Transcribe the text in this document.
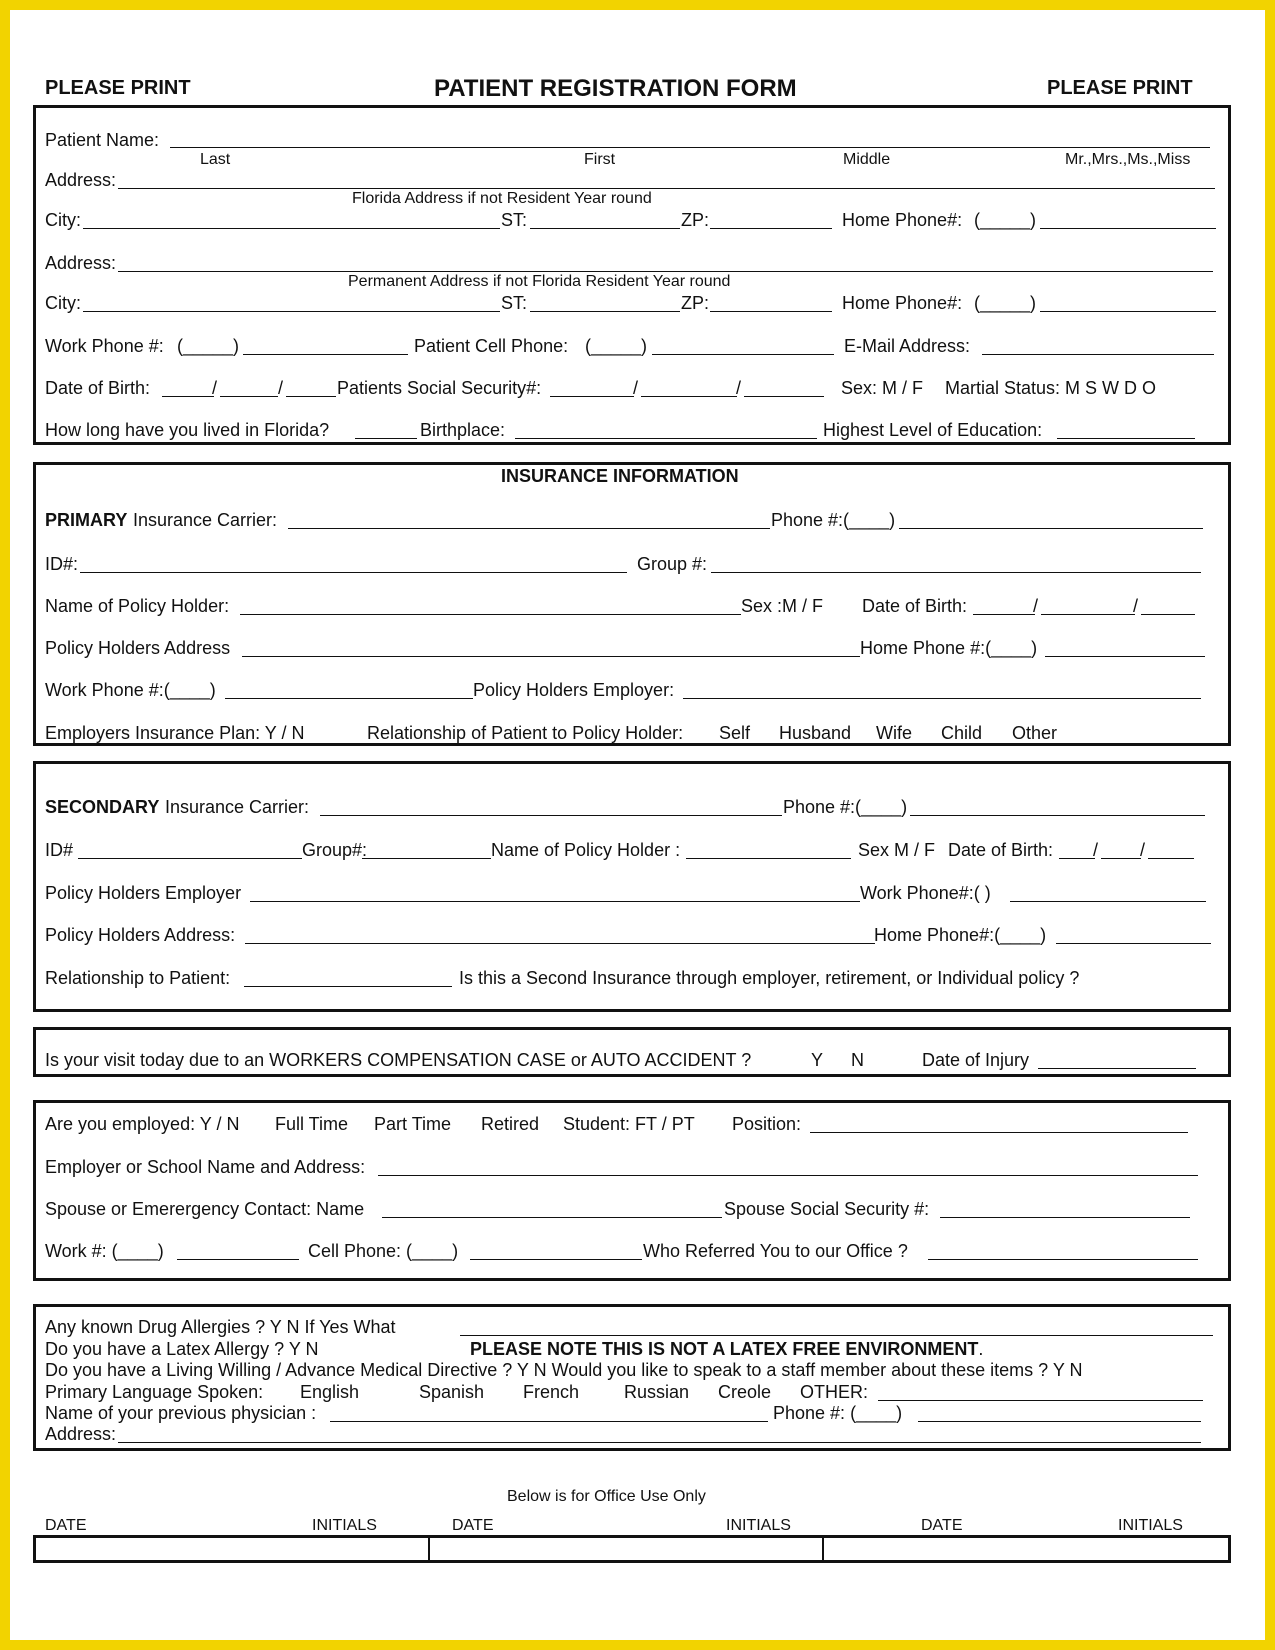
PLEASE PRINT	PATIENT REGISTRATION FORM	PLEASE PRINT
Patient Name:
Last	First	Middle	Mr.,Mrs.,Ms.,Miss
Address:
Florida Address if not Resident Year round
City:	ST:	ZP:	Home Phone#: (_____)
Address:
Permanent Address if not Florida Resident Year round
City:	ST:	ZP:	Home Phone#: (_____)
Work Phone #: (_____)	Patient Cell Phone: (_____)	E-Mail Address:
Date of Birth:	/	/	Patients Social Security#:	/	/	Sex: M / F Martial Status: M S W D O
How long have you lived in Florida?	Birthplace:	Highest Level of Education:
INSURANCE INFORMATION
PRIMARY Insurance Carrier:	Phone #:(____)
ID#:	Group #:
Name of Policy Holder:	Sex :M / F Date of Birth:	/	/
Policy Holders Address	Home Phone #:(____)
Work Phone #:(____)	Policy Holders Employer:
Employers Insurance Plan: Y / N	Relationship of Patient to Policy Holder: Self Husband Wife Child Other
SECONDARY Insurance Carrier:	Phone #:(____)
ID#	Group#:	Name of Policy Holder :	Sex M / F Date of Birth: / /
Policy Holders Employer	Work Phone#:( )
Policy Holders Address:	Home Phone#:(____)
Relationship to Patient:	Is this a Second Insurance through employer, retirement, or Individual policy ?
Is your visit today due to an WORKERS COMPENSATION CASE or AUTO ACCIDENT ?	Y N	Date of Injury
Are you employed: Y / N Full Time Part Time Retired Student: FT / PT Position:
Employer or School Name and Address:
Spouse or Emerergency Contact: Name	Spouse Social Security #:
Work #: (____)	Cell Phone: (____)	Who Referred You to our Office ?
Any known Drug Allergies ? Y N If Yes What
Do you have a Latex Allergy ? Y N	PLEASE NOTE THIS IS NOT A LATEX FREE ENVIRONMENT.
Do you have a Living Willing / Advance Medical Directive ? Y N Would you like to speak to a staff member about these items ? Y N
Primary Language Spoken: English	Spanish French Russian Creole OTHER:
Name of your previous physician :	Phone #: (____)
Address:
Below is for Office Use Only
DATE	INITIALS	DATE	INITIALS	DATE	INITIALS
